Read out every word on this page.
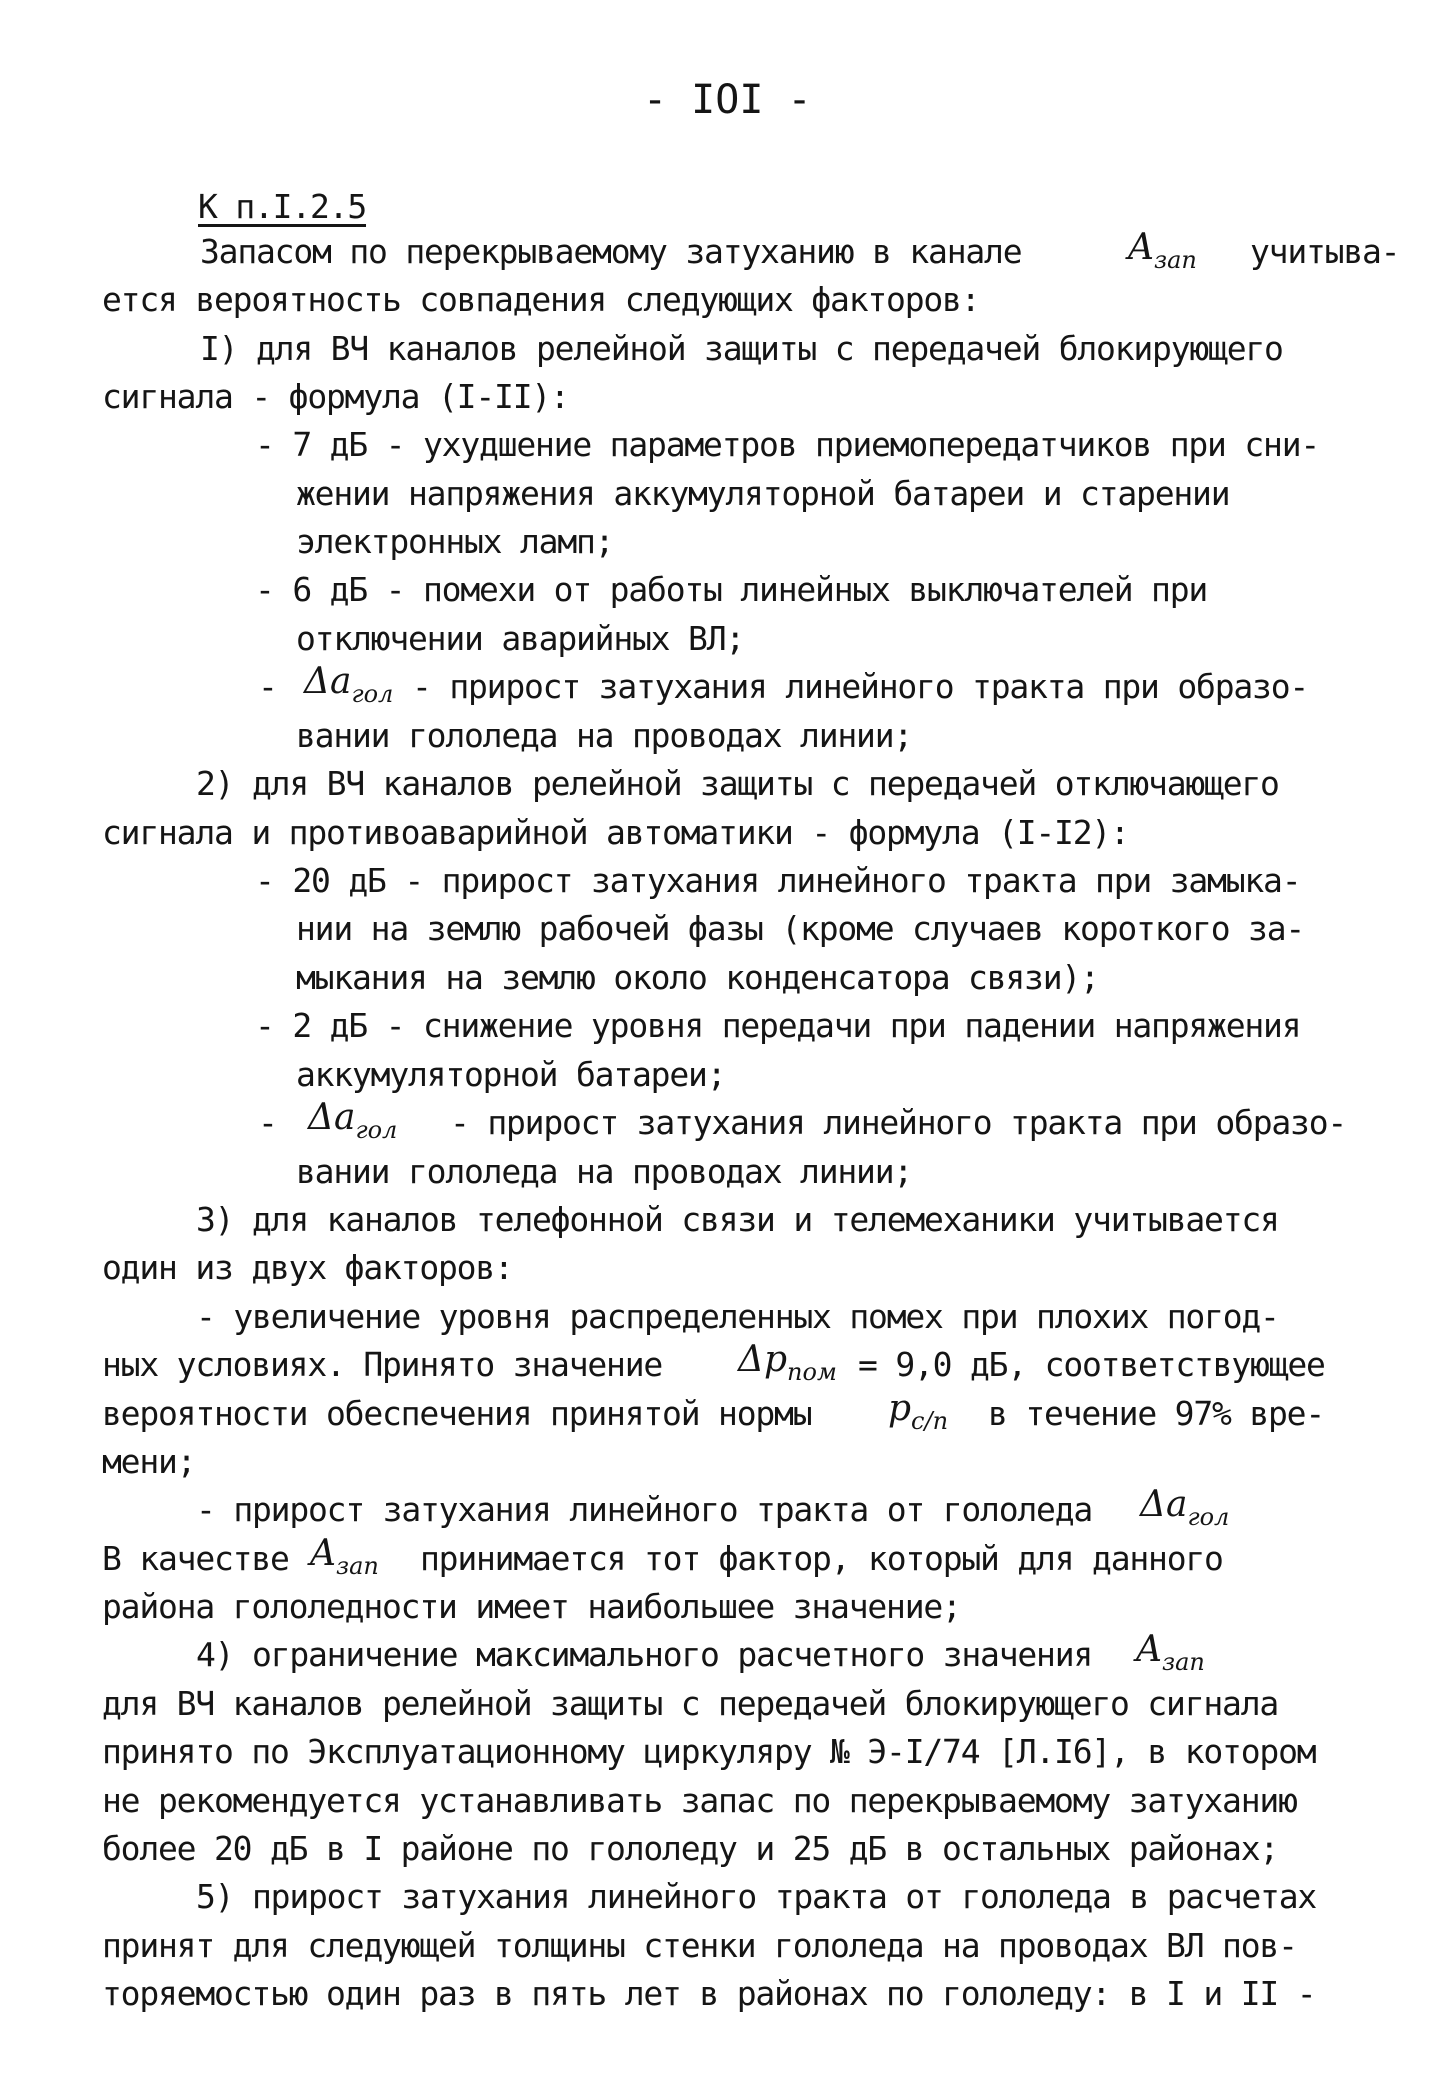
- IOI -
К п.I.2.5
Запасом по перекрываемому затуханию в канале	$A_{зап}$ учитыва-
ется вероятность совпадения следующих факторов:
I) для ВЧ каналов релейной защиты с передачей блокирующего
сигнала - формула (I-II):
- 7 дБ - ухудшение параметров приемопередатчиков при сни-
жении напряжения аккумуляторной батареи и старении
электронных ламп;
- 6 дБ - помехи от работы линейных выключателей при
отключении аварийных ВЛ;
- $\Delta a_{гол}$ - прирост затухания линейного тракта при образо-
вании гололеда на проводах линии;
2) для ВЧ каналов релейной защиты с передачей отключающего
сигнала и противоаварийной автоматики - формула (I-I2):
- 20 дБ - прирост затухания линейного тракта при замыка-
нии на землю рабочей фазы (кроме случаев короткого за-
мыкания на землю около конденсатора связи);
- 2 дБ - снижение уровня передачи при падении напряжения
аккумуляторной батареи;
- $\Delta a_{гол}$ - прирост затухания линейного тракта при образо-
вании гололеда на проводах линии;
3) для каналов телефонной связи и телемеханики учитывается
один из двух факторов:
- увеличение уровня распределенных помех при плохих погод-
ных условиях. Принято значение $\Delta p_{пом} = 9,0$ дБ, соответствующее
вероятности обеспечения принятой нормы $p_{с/п}$ в течение 97% вре-
мени;
- прирост затухания линейного тракта от гололеда $\Delta a_{гол}$
В качестве $A_{зап}$ принимается тот фактор, который для данного
района гололедности имеет наибольшее значение;
4) ограничение максимального расчетного значения $A_{зап}$
для ВЧ каналов релейной защиты с передачей блокирующего сигнала
принято по Эксплуатационному циркуляру № Э-I/74 [Л.I6], в котором
не рекомендуется устанавливать запас по перекрываемому затуханию
более 20 дБ в I районе по гололеду и 25 дБ в остальных районах;
5) прирост затухания линейного тракта от гололеда в расчетах
принят для следующей толщины стенки гололеда на проводах ВЛ пов-
торяемостью один раз в пять лет в районах по гололеду: в I и II -
